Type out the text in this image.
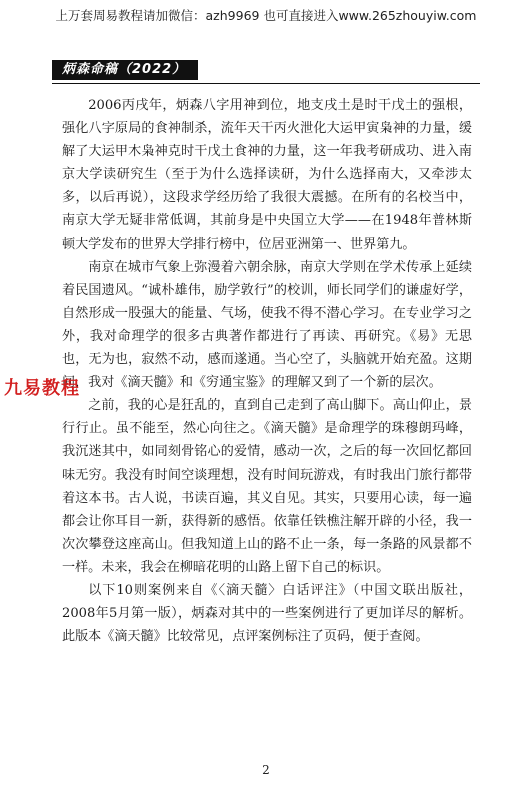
上万套周易教程请加微信：azh9969 也可直接进入www.265zhouyiw.com
炳森命稿（2022）

2006丙戌年，炳森八字用神到位，地支戌土是时干戊土的强根，强化八字原局的食神制杀，流年天干丙火泄化大运甲寅枭神的力量，缓解了大运甲木枭神克时干戊土食神的力量，这一年我考研成功、进入南京大学读研究生（至于为什么选择读研，为什么选择南大，又牵涉太多，以后再说），这段求学经历给了我很大震撼。在所有的名校当中，南京大学无疑非常低调，其前身是中央国立大学——在1948年普林斯顿大学发布的世界大学排行榜中，位居亚洲第一、世界第九。

南京在城市气象上弥漫着六朝余脉，南京大学则在学术传承上延续着民国遗风。“诚朴雄伟，励学敦行”的校训，师长同学们的谦虚好学，自然形成一股强大的能量、气场，使我不得不潜心学习。在专业学习之外，我对命理学的很多古典著作都进行了再读、再研究。《易》无思也，无为也，寂然不动，感而遂通。当心空了，头脑就开始充盈。这期间，我对《滴天髓》和《穷通宝鉴》的理解又到了一个新的层次。

之前，我的心是狂乱的，直到自己走到了高山脚下。高山仰止，景行行止。虽不能至，然心向往之。《滴天髓》是命理学的珠穆朗玛峰，我沉迷其中，如同刻骨铭心的爱情，感动一次，之后的每一次回忆都回味无穷。我没有时间空谈理想，没有时间玩游戏，有时我出门旅行都带着这本书。古人说，书读百遍，其义自见。其实，只要用心读，每一遍都会让你耳目一新，获得新的感悟。依靠任铁樵注解开辟的小径，我一次次攀登这座高山。但我知道上山的路不止一条，每一条路的风景都不一样。未来，我会在柳暗花明的山路上留下自己的标识。

以下10则案例来自《〈滴天髓〉白话评注》（中国文联出版社，2008年5月第一版），炳森对其中的一些案例进行了更加详尽的解析。此版本《滴天髓》比较常见，点评案例标注了页码，便于查阅。

九易教程
2
